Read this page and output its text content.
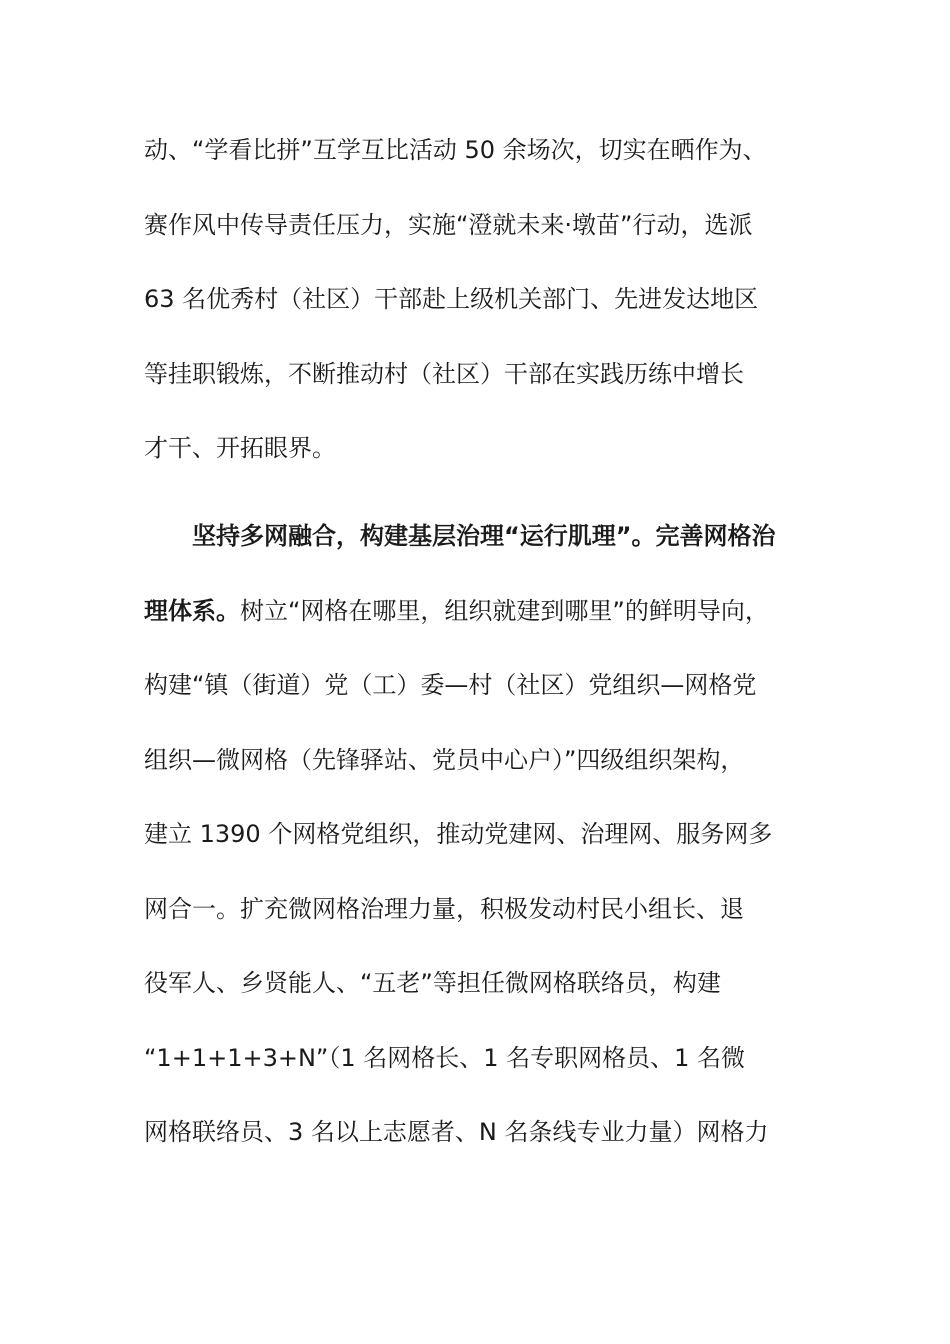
动、“学看比拼”互学互比活动 50 余场次，切实在晒作为、
赛作风中传导责任压力，实施“澄就未来·墩苗”行动，选派
63 名优秀村（社区）干部赴上级机关部门、先进发达地区
等挂职锻炼，不断推动村（社区）干部在实践历练中增长
才干、开拓眼界。
坚持多网融合，构建基层治理“运行肌理”。完善网格治
理体系。树立“网格在哪里，组织就建到哪里”的鲜明导向，
构建“镇（街道）党（工）委—村（社区）党组织—网格党
组织—微网格（先锋驿站、党员中心户）”四级组织架构，
建立 1390 个网格党组织，推动党建网、治理网、服务网多
网合一。扩充微网格治理力量，积极发动村民小组长、退
役军人、乡贤能人、“五老”等担任微网格联络员，构建
“1+1+1+3+N”（1 名网格长、1 名专职网格员、1 名微
网格联络员、3 名以上志愿者、N 名条线专业力量）网格力
